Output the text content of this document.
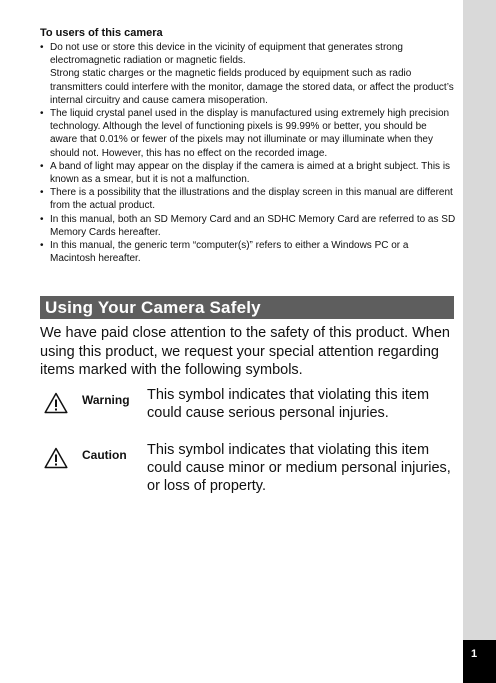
1
To users of this camera
• Do not use or store this device in the vicinity of equipment that generates strong electromagnetic radiation or magnetic fields.
Strong static charges or the magnetic fields produced by equipment such as radio transmitters could interfere with the monitor, damage the stored data, or affect the product’s internal circuitry and cause camera misoperation.
• The liquid crystal panel used in the display is manufactured using extremely high precision technology. Although the level of functioning pixels is 99.99% or better, you should be aware that 0.01% or fewer of the pixels may not illuminate or may illuminate when they should not. However, this has no effect on the recorded image.
• A band of light may appear on the display if the camera is aimed at a bright subject. This is known as a smear, but it is not a malfunction.
• There is a possibility that the illustrations and the display screen in this manual are different from the actual product.
• In this manual, both an SD Memory Card and an SDHC Memory Card are referred to as SD Memory Cards hereafter.
• In this manual, the generic term “computer(s)” refers to either a Windows PC or a Macintosh hereafter.
Using Your Camera Safely

We have paid close attention to the safety of this product. When using this product, we request your special attention regarding items marked with the following symbols.

Warning This symbol indicates that violating this item could cause serious personal injuries.
Caution This symbol indicates that violating this item could cause minor or medium personal injuries, or loss of property.
